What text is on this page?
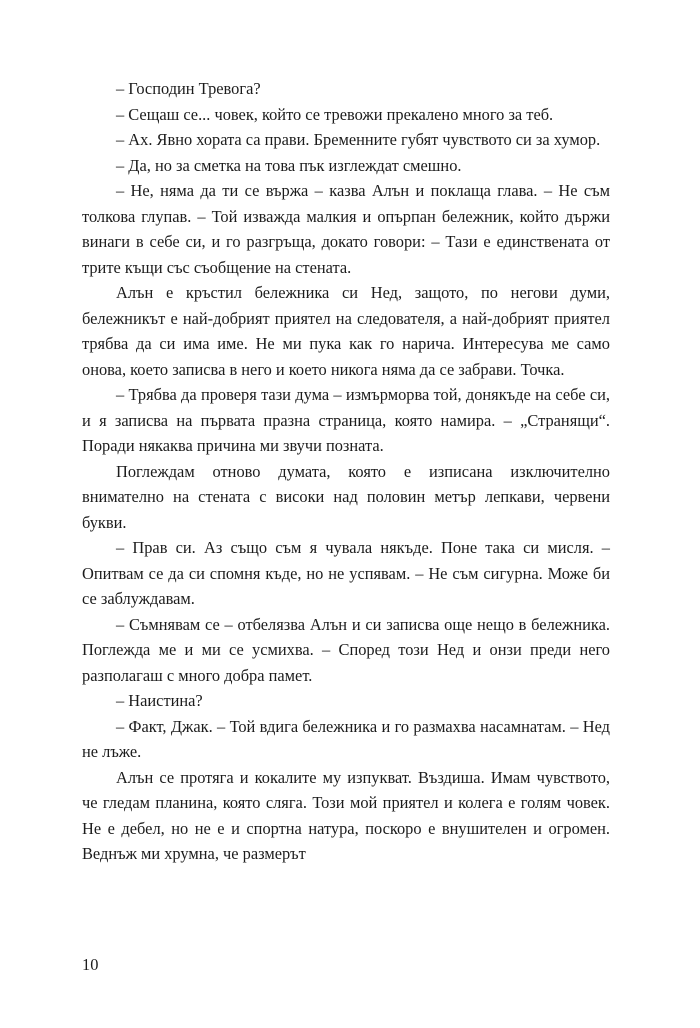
– Господин Тревога?

– Сещаш се... човек, който се тревожи прекалено много за теб.

– Ах. Явно хората са прави. Бременните губят чувството си за хумор.

– Да, но за сметка на това пък изглеждат смешно.

– Не, няма да ти се вържа – казва Алън и поклаща глава. – Не съм толкова глупав. – Той изважда малкия и опърпан бележник, който държи винаги в себе си, и го разгръща, докато говори: – Тази е единствената от трите къщи със съобщение на стената.

Алън е кръстил бележника си Нед, защото, по негови думи, бележникът е най-добрият приятел на следователя, а най-добрият приятел трябва да си има име. Не ми пука как го нарича. Интересува ме само онова, което записва в него и което никога няма да се забрави. Точка.

– Трябва да проверя тази дума – измърморва той, донякъде на себе си, и я записва на първата празна страница, която намира. – „Странящи“. Поради някаква причина ми звучи позната.

Поглеждам отново думата, която е изписана изключително внимателно на стената с високи над половин метър лепкави, червени букви.

– Прав си. Аз също съм я чувала някъде. Поне така си мисля. – Опитвам се да си спомня къде, но не успявам. – Не съм сигурна. Може би се заблуждавам.

– Съмнявам се – отбелязва Алън и си записва още нещо в бележника. Поглежда ме и ми се усмихва. – Според този Нед и онзи преди него разполагаш с много добра памет.

– Наистина?

– Факт, Джак. – Той вдига бележника и го размахва насамнатам. – Нед не лъже.

Алън се протяга и кокалите му изпукват. Въздиша. Имам чувството, че гледам планина, която сляга. Този мой приятел и колега е голям човек. Не е дебел, но не е и спортна натура, поскоро е внушителен и огромен. Веднъж ми хрумна, че размерът

10
